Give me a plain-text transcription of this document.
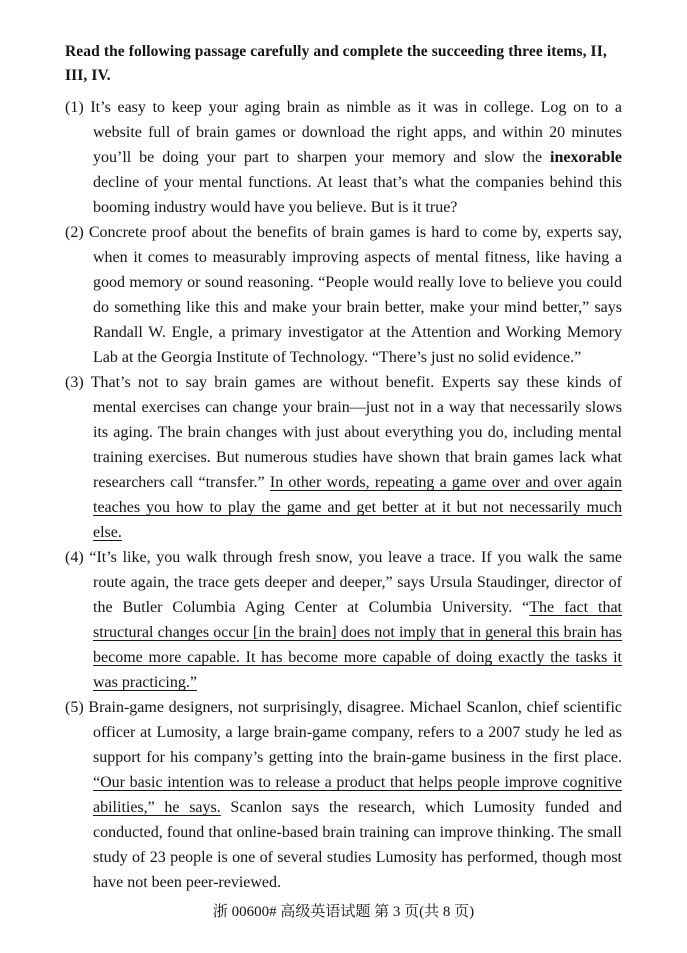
Read the following passage carefully and complete the succeeding three items, II, III, IV.
(1) It’s easy to keep your aging brain as nimble as it was in college. Log on to a website full of brain games or download the right apps, and within 20 minutes you’ll be doing your part to sharpen your memory and slow the inexorable decline of your mental functions. At least that’s what the companies behind this booming industry would have you believe. But is it true?
(2) Concrete proof about the benefits of brain games is hard to come by, experts say, when it comes to measurably improving aspects of mental fitness, like having a good memory or sound reasoning. “People would really love to believe you could do something like this and make your brain better, make your mind better,” says Randall W. Engle, a primary investigator at the Attention and Working Memory Lab at the Georgia Institute of Technology. “There’s just no solid evidence.”
(3) That’s not to say brain games are without benefit. Experts say these kinds of mental exercises can change your brain—just not in a way that necessarily slows its aging. The brain changes with just about everything you do, including mental training exercises. But numerous studies have shown that brain games lack what researchers call “transfer.” In other words, repeating a game over and over again teaches you how to play the game and get better at it but not necessarily much else.
(4) “It’s like, you walk through fresh snow, you leave a trace. If you walk the same route again, the trace gets deeper and deeper,” says Ursula Staudinger, director of the Butler Columbia Aging Center at Columbia University. “The fact that structural changes occur [in the brain] does not imply that in general this brain has become more capable. It has become more capable of doing exactly the tasks it was practicing.”
(5) Brain-game designers, not surprisingly, disagree. Michael Scanlon, chief scientific officer at Lumosity, a large brain-game company, refers to a 2007 study he led as support for his company’s getting into the brain-game business in the first place. “Our basic intention was to release a product that helps people improve cognitive abilities,” he says. Scanlon says the research, which Lumosity funded and conducted, found that online-based brain training can improve thinking. The small study of 23 people is one of several studies Lumosity has performed, though most have not been peer-reviewed.
浙 00600# 高级英语试题 第 3 页(共 8 页)
